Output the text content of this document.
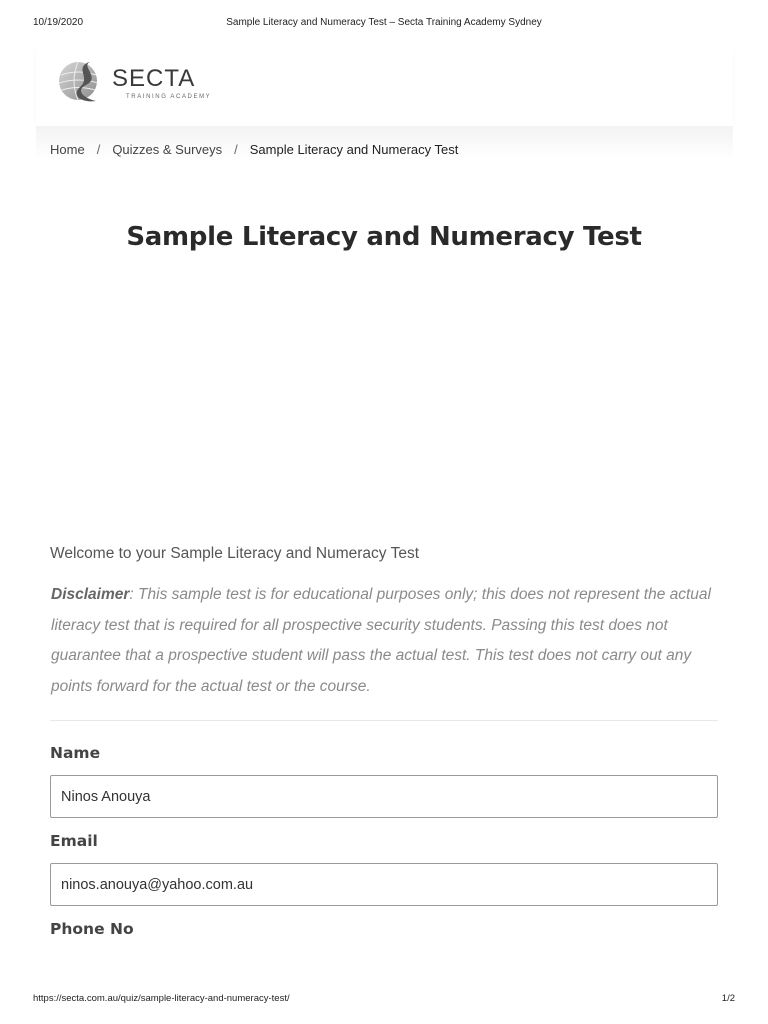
10/19/2020	Sample Literacy and Numeracy Test – Secta Training Academy Sydney
SECTA
TRAINING ACADEMY
Home / Quizzes & Surveys / Sample Literacy and Numeracy Test
Sample Literacy and Numeracy Test
Welcome to your Sample Literacy and Numeracy Test
Disclaimer: This sample test is for educational purposes only; this does not represent the actual literacy test that is required for all prospective security students. Passing this test does not guarantee that a prospective student will pass the actual test. This test does not carry out any points forward for the actual test or the course.
Name
Ninos Anouya
Email
ninos.anouya@yahoo.com.au
Phone No
https://secta.com.au/quiz/sample-literacy-and-numeracy-test/	1/2
